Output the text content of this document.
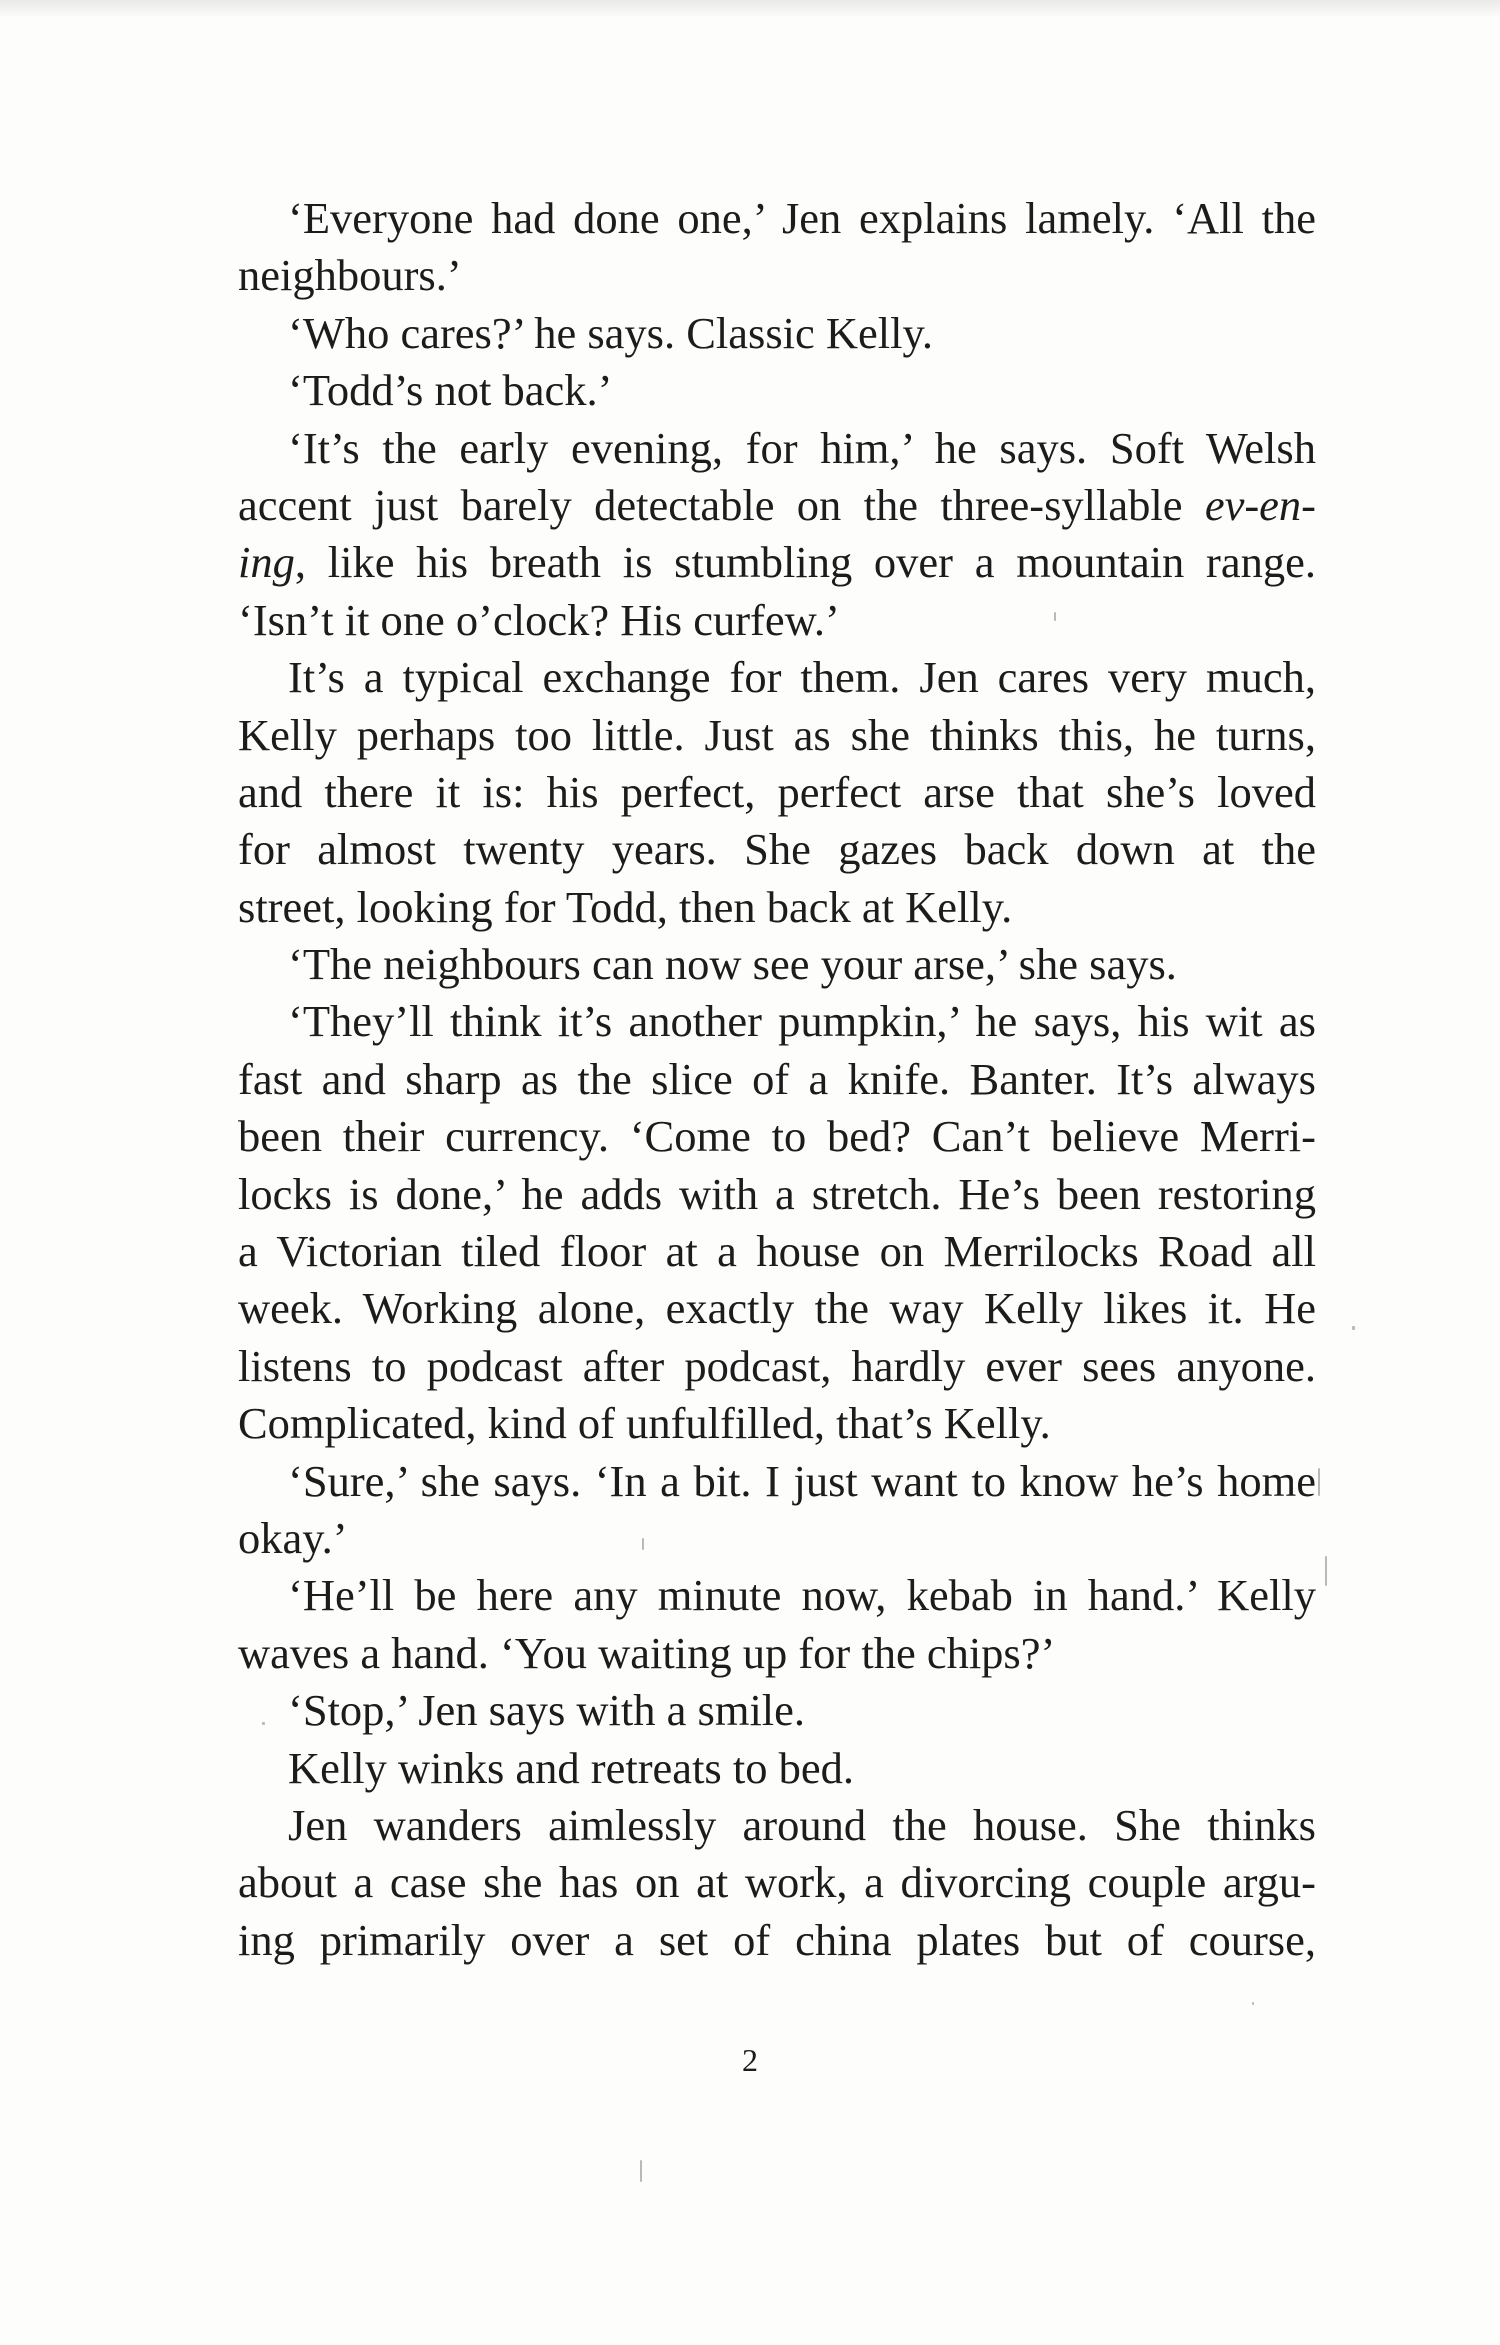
‘Everyone had done one,’ Jen explains lamely. ‘All the
neighbours.’
‘Who cares?’ he says. Classic Kelly.
‘Todd’s not back.’
‘It’s the early evening, for him,’ he says. Soft Welsh
accent just barely detectable on the three-syllable ev-en-
ing, like his breath is stumbling over a mountain range.
‘Isn’t it one o’clock? His curfew.’
It’s a typical exchange for them. Jen cares very much,
Kelly perhaps too little. Just as she thinks this, he turns,
and there it is: his perfect, perfect arse that she’s loved
for almost twenty years. She gazes back down at the
street, looking for Todd, then back at Kelly.
‘The neighbours can now see your arse,’ she says.
‘They’ll think it’s another pumpkin,’ he says, his wit as
fast and sharp as the slice of a knife. Banter. It’s always
been their currency. ‘Come to bed? Can’t believe Merri-
locks is done,’ he adds with a stretch. He’s been restoring
a Victorian tiled floor at a house on Merrilocks Road all
week. Working alone, exactly the way Kelly likes it. He
listens to podcast after podcast, hardly ever sees anyone.
Complicated, kind of unfulfilled, that’s Kelly.
‘Sure,’ she says. ‘In a bit. I just want to know he’s home
okay.’
‘He’ll be here any minute now, kebab in hand.’ Kelly
waves a hand. ‘You waiting up for the chips?’
‘Stop,’ Jen says with a smile.
Kelly winks and retreats to bed.
Jen wanders aimlessly around the house. She thinks
about a case she has on at work, a divorcing couple argu-
ing primarily over a set of china plates but of course,
2
